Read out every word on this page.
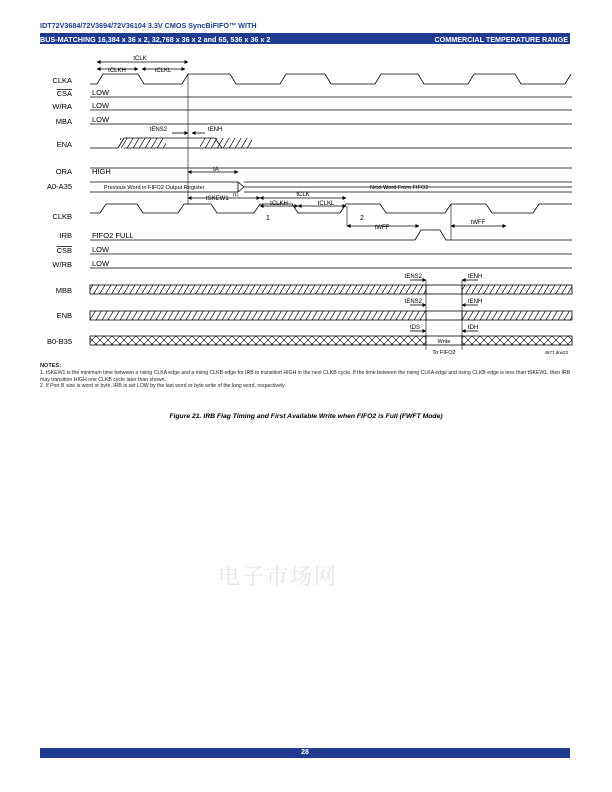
IDT72V3684/72V3694/72V36104 3.3V CMOS SyncBiFIFO™ WITH
BUS-MATCHING 16,384 x 36 x 2, 32,768 x 36 x 2 and 65, 536 x 36 x 2	COMMERCIAL TEMPERATURE RANGE
CLKA
CSA
W/RA
MBA
ENA
ORA
A0-A35
CLKB
IRB
CSB
W/RB
MBB
ENB
B0-B35
LOW
LOW
LOW
HIGH
FIFO2 FULL
LOW
LOW
tCLK
tCLKH	tCLKL
tENS2	tENH
tA
tSKEW1
(1)	tCLK
tCLKH	tCLKL
tWFF
tWFF
tENS2	tENH
tENS2	tENH
tDS	tDH
Previous Word in FIFO2 Output Register	Next Word From FIFO2
Write
To FIFO2
1	2
4677 drw23
NOTES:
1. tSKEW1 is the minimum time between a rising CLKA edge and a rising CLKB edge for IRB to transition HIGH in the next CLKB cycle. If the time between the rising CLKA edge and rising CLKB edge is less than tSKEW1, then IRB may transition HIGH one CLKB cycle later than shown.
2. If Port B size is word or byte, IRB is set LOW by the last word or byte write of the long word, respectively.
Figure 21. IRB Flag Timing and First Available Write when FIFO2 is Full (FWFT Mode)
电子市场网
28
